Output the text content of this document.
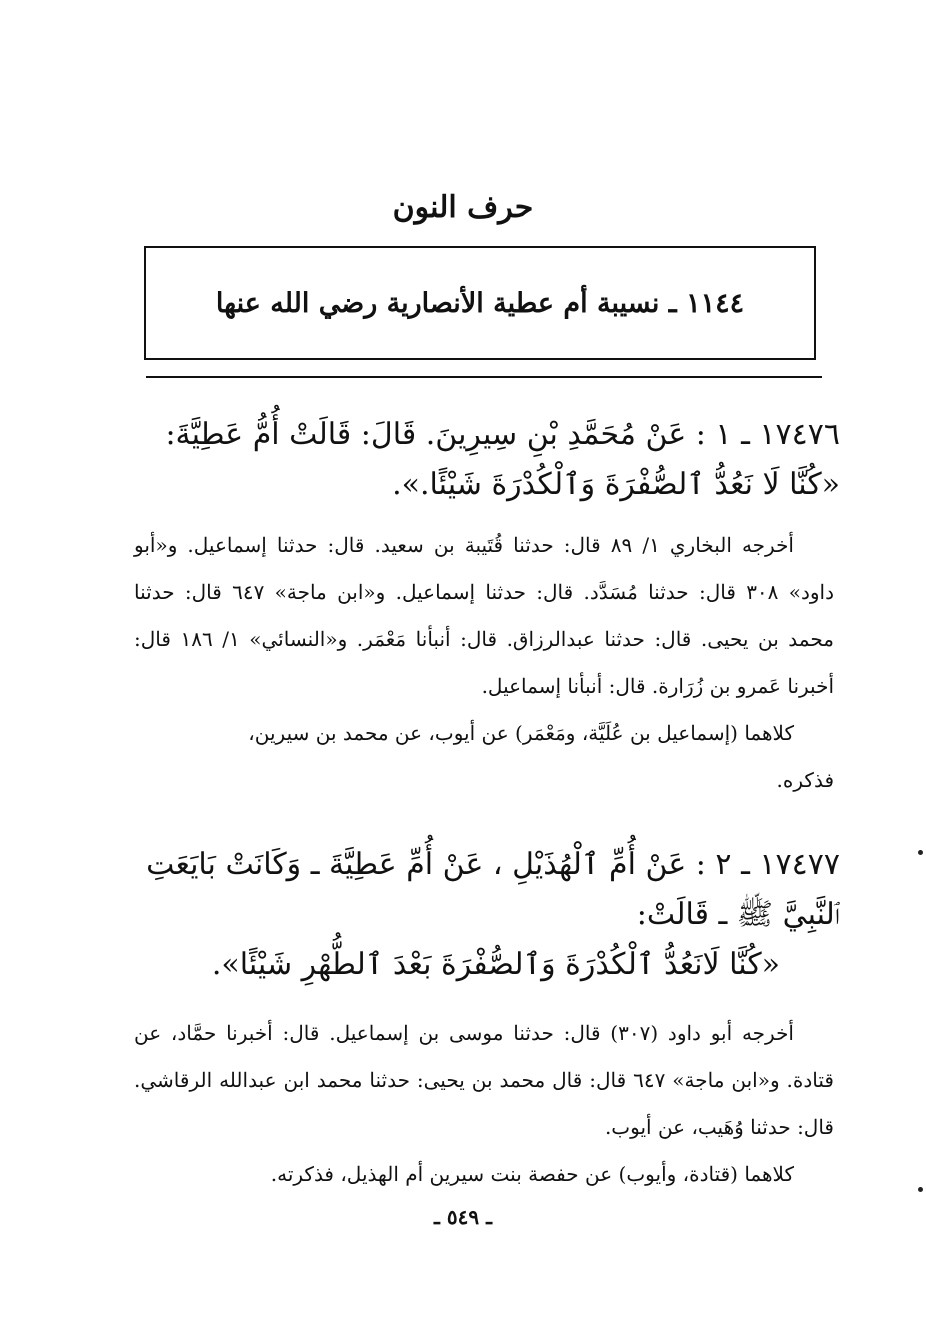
حرف النون
١١٤٤ ـ نسيبة أم عطية الأنصارية رضي الله عنها

١٧٤٧٦ ـ ١ : عَنْ مُحَمَّدِ بْنِ سِيرِينَ. قَالَ: قَالَتْ أُمُّ عَطِيَّةَ:

«كُنَّا لَا نَعُدُّ ٱلصُّفْرَةَ وَٱلْكُدْرَةَ شَيْئًا.».

أخرجه البخاري ١/ ٨٩ قال: حدثنا قُتَيبة بن سعيد. قال: حدثنا إسماعيل. و«أبو داود» ٣٠٨ قال: حدثنا مُسَدَّد. قال: حدثنا إسماعيل. و«ابن ماجة» ٦٤٧ قال: حدثنا محمد بن يحيى. قال: حدثنا عبدالرزاق. قال: أنبأنا مَعْمَر. و«النسائي» ١/ ١٨٦ قال: أخبرنا عَمرو بن زُرَارة. قال: أنبأنا إسماعيل.

كلاهما (إسماعيل بن عُلَيَّة، ومَعْمَر) عن أيوب، عن محمد بن سيرين،

فذكره.

١٧٤٧٧ ـ ٢ : عَنْ أُمِّ ٱلْهُذَيْلِ ، عَنْ أُمِّ عَطِيَّةَ ـ وَكَانَتْ بَايَعَتِ

ٱلنَّبِيَّ ﷺ ـ قَالَتْ:

«كُنَّا لَانَعُدُّ ٱلْكُدْرَةَ وَٱلصُّفْرَةَ بَعْدَ ٱلطُّهْرِ شَيْئًا».

أخرجه أبو داود (٣٠٧) قال: حدثنا موسى بن إسماعيل. قال: أخبرنا حمَّاد، عن قتادة. و«ابن ماجة» ٦٤٧ قال: قال محمد بن يحيى: حدثنا محمد ابن عبدالله الرقاشي. قال: حدثنا وُهَيب، عن أيوب.

كلاهما (قتادة، وأيوب) عن حفصة بنت سيرين أم الهذيل، فذكرته.

ـ ٥٤٩ ـ
